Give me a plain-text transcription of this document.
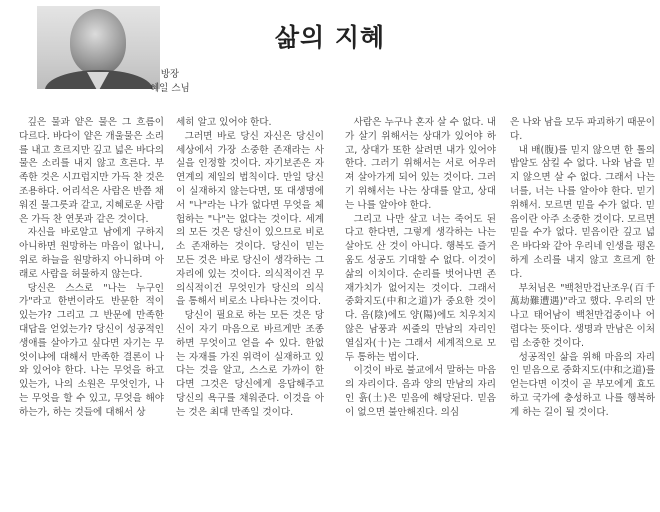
방장
혜일 스님
삶의 지혜

깊은 물과 얕은 물은 그 흐름이 다르다. 바다이 얕은 개울물은 소리를 내고 흐르지만 깊고 넓은 바다의 물은 소리를 내지 않고 흐른다. 부족한 것은 시끄럽지만 가득 찬 것은 조용하다. 어리석은 사람은 반쯤 채워진 물그릇과 같고, 지혜로운 사람은 가득 찬 연못과 같은 것이다.

자신을 바로알고 남에게 구하지 아니하면 원망하는 마음이 없나니, 위로 하늘을 원망하지 아니하며 아래로 사람을 허물하지 않는다.

당신은 스스로 "나는 누구인가"라고 한번이라도 반문한 적이 있는가? 그리고 그 반문에 만족한 대답을 얻었는가? 당신이 성공적인 생애를 살아가고 싶다면 자기는 무엇이냐에 대해서 만족한 결론이 나와 있어야 한다. 나는 무엇을 하고 있는가, 나의 소원은 무엇인가, 나는 무엇을 할 수 있고, 무엇을 해야 하는가, 하는 것들에 대해서 상

세히 알고 있어야 한다.

그러면 바로 당신 자신은 당신이 세상에서 가장 소중한 존재라는 사실을 인정할 것이다. 자기보존은 자연계의 제일의 법칙이다. 만일 당신이 실재하지 않는다면, 또 대생명에서 "나"라는 나가 없다면 무엇을 체험하는 "나"는 없다는 것이다. 세계의 모든 것은 당신이 있으므로 비로소 존재하는 것이다. 당신이 믿는 모든 것은 바로 당신이 생각하는 그 자리에 있는 것이다. 의식적이건 무의식적이건 무엇인가 당신의 의식을 통해서 비로소 나타나는 것이다.

당신이 필요로 하는 모든 것은 당신이 자기 마음으로 바르게만 조종하면 무엇이고 얻을 수 있다. 한없는 자재를 가진 위력이 실재하고 있다는 것을 알고, 스스로 가까이 한다면 그것은 당신에게 응답해주고 당신의 욕구를 채워준다. 이것을 아는 것은 최대 만족일 것이다.

사람은 누구나 혼자 살 수 없다. 내가 살기 위해서는 상대가 있어야 하고, 상대가 또한 살려면 내가 있어야 한다. 그러기 위해서는 서로 어우러져 살아가게 되어 있는 것이다. 그러기 위해서는 나는 상대를 알고, 상대는 나를 알아야 한다.

그리고 나만 살고 너는 죽어도 된다고 한다면, 그렇게 생각하는 나는 살아도 산 것이 아니다. 행복도 즐거움도 성공도 기대할 수 없다. 이것이 삶의 이치이다. 순리를 벗어나면 존재가치가 없어지는 것이다. 그래서 중화지도(中和之道)가 중요한 것이다. 음(陰)에도 양(陽)에도 치우치지 않은 남풍과 씨줄의 만남의 자리인 열십자(十)는 그래서 세계적으로 모두 통하는 법이다.

이것이 바로 불교에서 말하는 마음의 자리이다. 음과 양의 만남의 자리인 흙(土)은 믿음에 해당된다. 믿음이 없으면 불안해진다. 의심

은 나와 남을 모두 파괴하기 때문이다.

내 배(腹)를 믿지 않으면 한 톨의 밥알도 삼킬 수 없다. 나와 남을 믿지 않으면 살 수 없다. 그래서 나는 너를, 너는 나를 알아야 한다. 믿기 위해서. 모르면 믿을 수가 없다. 믿음이란 아주 소중한 것이다. 모르면 믿을 수가 없다. 믿음이란 깊고 넓은 바다와 같아 우리네 인생을 평온하게 소리를 내지 않고 흐르게 한다.

부처님은 "백천만겁난조우(百千萬劫難遭遇)"라고 했다. 우리의 만나고 태어남이 백천만겁중이나 어렵다는 뜻이다. 생명과 만남은 이처럼 소중한 것이다.

성공적인 삶을 위해 마음의 자리인 믿음으로 중화지도(中和之道)를 얻는다면 이것이 곧 부모에게 효도하고 국가에 충성하고 나를 행복하게 하는 길이 될 것이다.
